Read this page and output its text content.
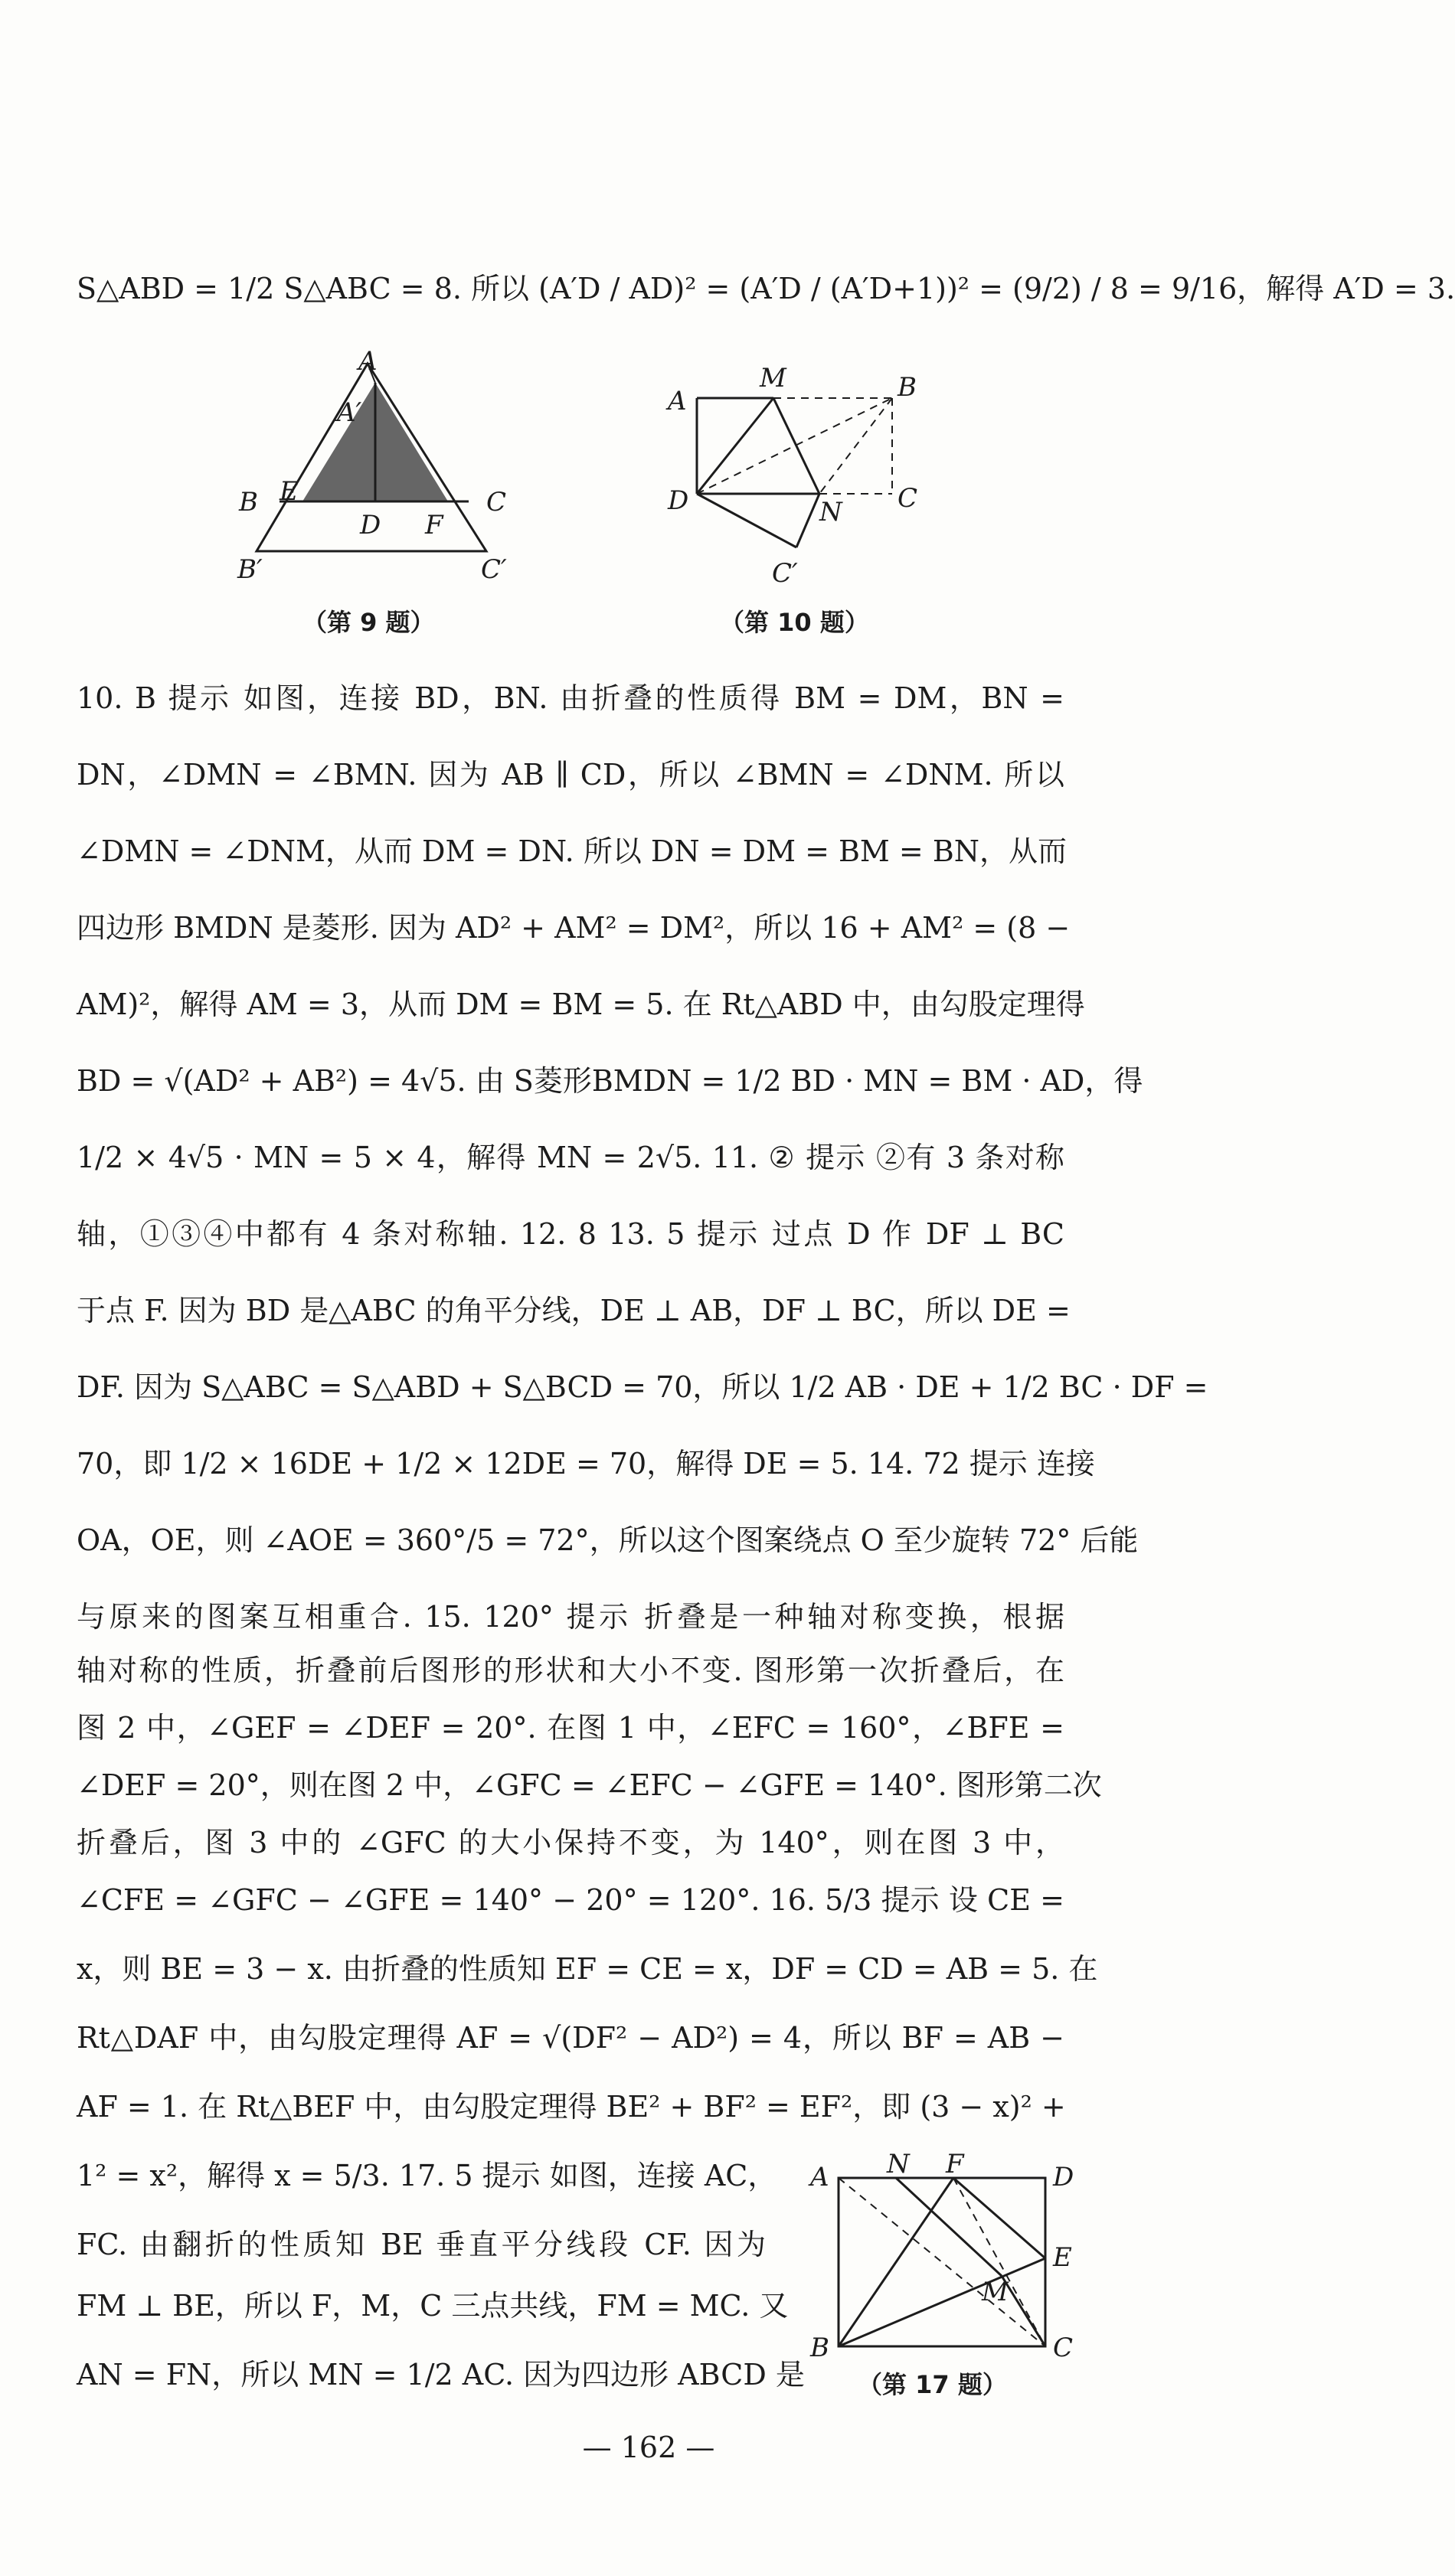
S△ABD = 1/2 S△ABC = 8. 所以 (A′D / AD)² = (A′D / (A′D+1))² = (9/2) / 8 = 9/16，解得 A′D = 3.
A
A′
B E
D F
C
B′	C′
（第 9 题）
A
M	B
D	N C
C′
（第 10 题）
10. B 提示 如图，连接 BD，BN. 由折叠的性质得 BM = DM，BN =
DN，∠DMN = ∠BMN. 因为 AB ∥ CD，所以 ∠BMN = ∠DNM. 所以
∠DMN = ∠DNM，从而 DM = DN. 所以 DN = DM = BM = BN，从而
四边形 BMDN 是菱形. 因为 AD² + AM² = DM²，所以 16 + AM² = (8 −
AM)²，解得 AM = 3，从而 DM = BM = 5. 在 Rt△ABD 中，由勾股定理得
BD = √(AD² + AB²) = 4√5. 由 S菱形BMDN = 1/2 BD · MN = BM · AD，得
1/2 × 4√5 · MN = 5 × 4，解得 MN = 2√5. 11. ② 提示 ②有 3 条对称
轴，①③④中都有 4 条对称轴. 12. 8 13. 5 提示 过点 D 作 DF ⊥ BC
于点 F. 因为 BD 是△ABC 的角平分线，DE ⊥ AB，DF ⊥ BC，所以 DE =
DF. 因为 S△ABC = S△ABD + S△BCD = 70，所以 1/2 AB · DE + 1/2 BC · DF =
70，即 1/2 × 16DE + 1/2 × 12DE = 70，解得 DE = 5. 14. 72 提示 连接
OA，OE，则 ∠AOE = 360°/5 = 72°，所以这个图案绕点 O 至少旋转 72° 后能
与原来的图案互相重合. 15. 120° 提示 折叠是一种轴对称变换，根据
轴对称的性质，折叠前后图形的形状和大小不变. 图形第一次折叠后，在
图 2 中，∠GEF = ∠DEF = 20°. 在图 1 中，∠EFC = 160°，∠BFE =
∠DEF = 20°，则在图 2 中，∠GFC = ∠EFC − ∠GFE = 140°. 图形第二次
折叠后，图 3 中的 ∠GFC 的大小保持不变，为 140°，则在图 3 中，
∠CFE = ∠GFC − ∠GFE = 140° − 20° = 120°. 16. 5/3 提示 设 CE =
x，则 BE = 3 − x. 由折叠的性质知 EF = CE = x，DF = CD = AB = 5. 在
Rt△DAF 中，由勾股定理得 AF = √(DF² − AD²) = 4，所以 BF = AB −
AF = 1. 在 Rt△BEF 中，由勾股定理得 BE² + BF² = EF²，即 (3 − x)² +
1² = x²，解得 x = 5/3. 17. 5 提示 如图，连接 AC，
FC. 由翻折的性质知 BE 垂直平分线段 CF. 因为
FM ⊥ BE，所以 F，M，C 三点共线，FM = MC. 又
AN = FN，所以 MN = 1/2 AC. 因为四边形 ABCD 是
A N F	D
E
M
B	C
（第 17 题）
— 162 —
